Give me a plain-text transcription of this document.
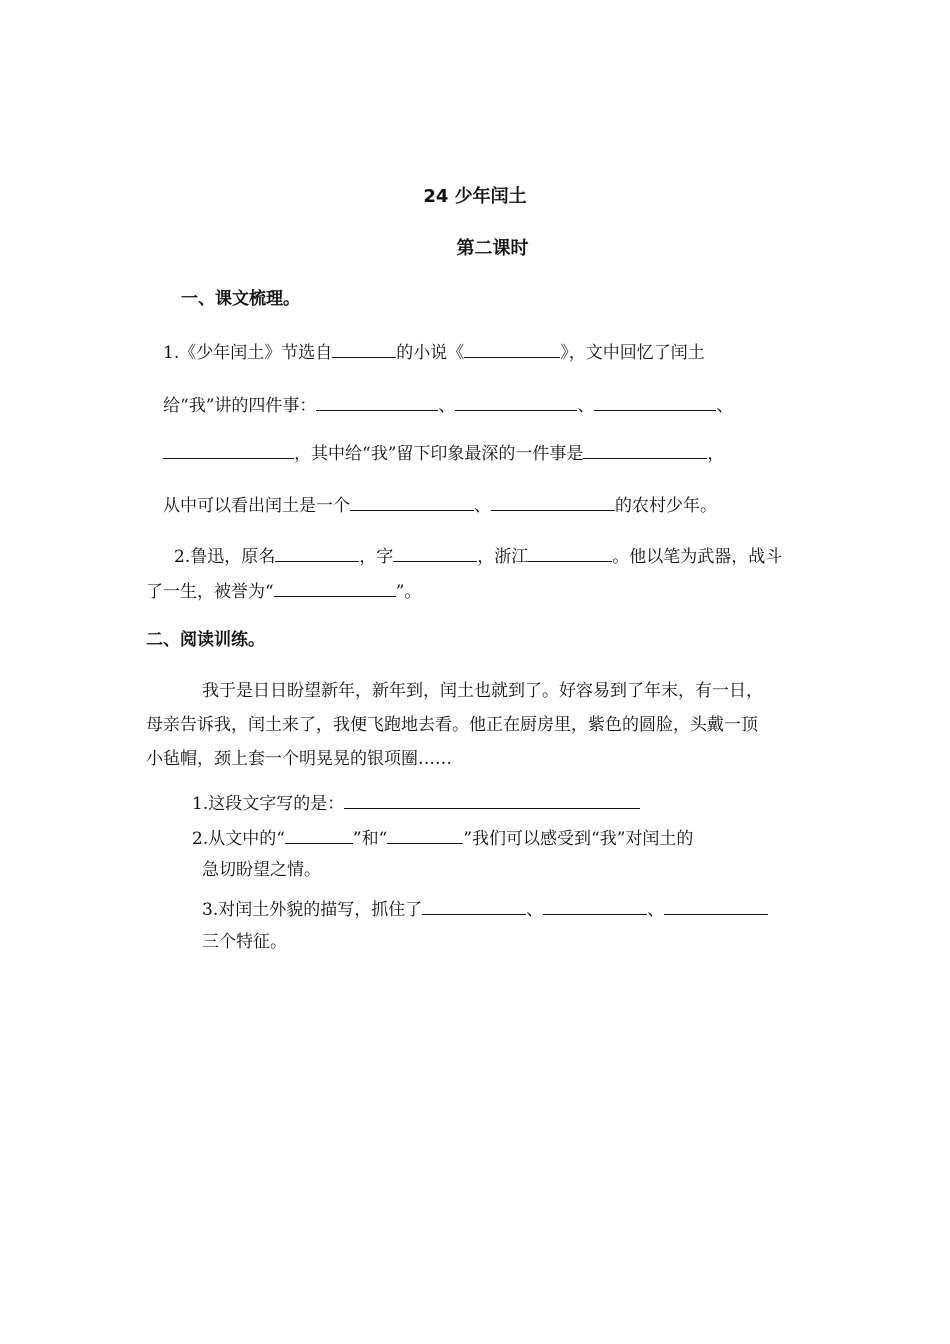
24 少年闰土
第二课时
一、课文梳理。
1.《少年闰土》节选自	的小说《	》，文中回忆了闰土
给“我”讲的四件事：	、	、	、
，其中给“我”留下印象最深的一件事是	，
从中可以看出闰土是一个	、	的农村少年。
2.鲁迅，原名	，字	，浙江	。他以笔为武器，战斗
了一生，被誉为“	”。
二、阅读训练。
我于是日日盼望新年，新年到，闰土也就到了。好容易到了年末，有一日，
母亲告诉我，闰土来了，我便飞跑地去看。他正在厨房里，紫色的圆脸，头戴一顶
小毡帽，颈上套一个明晃晃的银项圈……
1.这段文字写的是：
2.从文中的“	”和“	”我们可以感受到“我”对闰土的
急切盼望之情。
3.对闰土外貌的描写，抓住了	、	、
三个特征。
